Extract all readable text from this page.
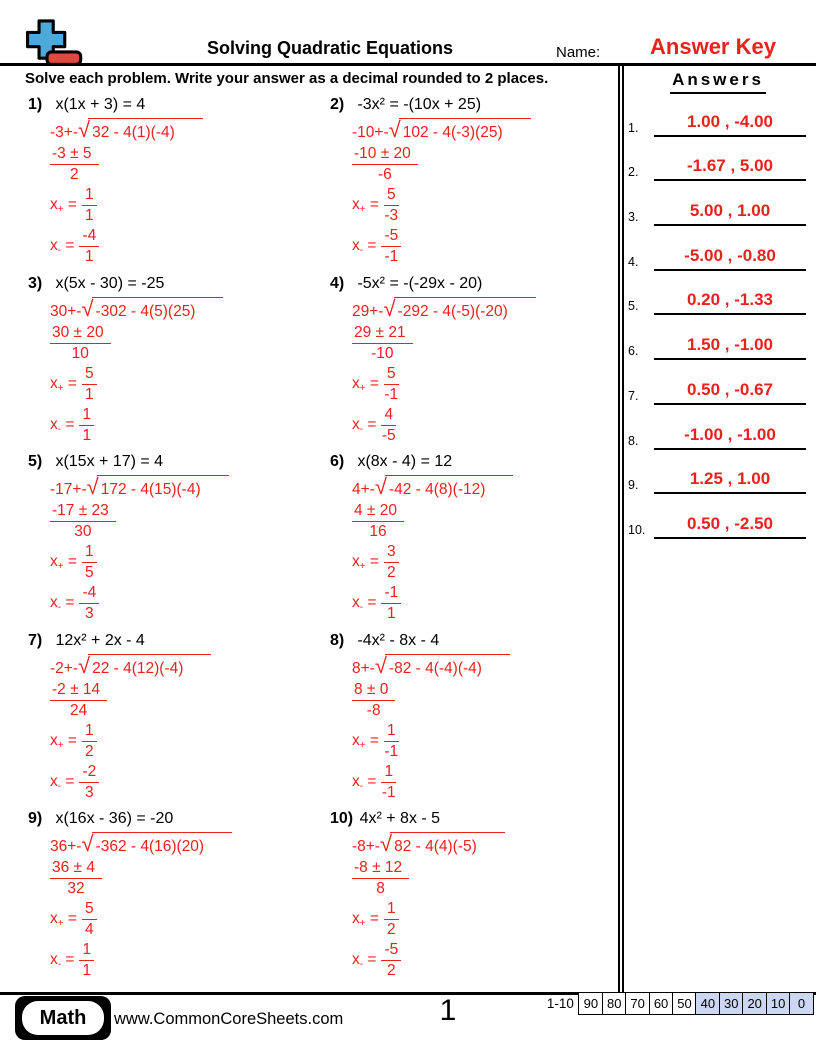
Solving Quadratic Equations	Name:	Answer Key
Solve each problem. Write your answer as a decimal rounded to 2 places.	Answers
1.	1.00 , -4.00
2.	-1.67 , 5.00
3.	5.00 , 1.00
4.	-5.00 , -0.80
5.	0.20 , -1.33
6.	1.50 , -1.00
7.	0.50 , -0.67
8.	-1.00 , -1.00
9.	1.25 , 1.00
10.	0.50 , -2.50
1) x(1x + 3) = 4
-3+- √ 32 - 4(1)(-4)
$\frac{-3 \pm 5}{2}$
$x_+ = \frac{1}{1}$
$x_- = \frac{-4}{1}$
2) -3x² = -(10x + 25)
-10+- √ 102 - 4(-3)(25)
$\frac{-10 \pm 20}{-6}$
$x_+ = \frac{5}{-3}$
$x_- = \frac{-5}{-1}$
3) x(5x - 30) = -25
30+- √ -302 - 4(5)(25)
$\frac{30 \pm 20}{10}$
$x_+ = \frac{5}{1}$
$x_- = \frac{1}{1}$
4) -5x² = -(-29x - 20)
29+- √ -292 - 4(-5)(-20)
$\frac{29 \pm 21}{-10}$
$x_+ = \frac{5}{-1}$
$x_- = \frac{4}{-5}$
5) x(15x + 17) = 4
-17+- √ 172 - 4(15)(-4)
$\frac{-17 \pm 23}{30}$
$x_+ = \frac{1}{5}$
$x_- = \frac{-4}{3}$
6) x(8x - 4) = 12
4+- √ -42 - 4(8)(-12)
$\frac{4 \pm 20}{16}$
$x_+ = \frac{3}{2}$
$x_- = \frac{-1}{1}$
7) 12x² + 2x - 4
-2+- √ 22 - 4(12)(-4)
$\frac{-2 \pm 14}{24}$
$x_+ = \frac{1}{2}$
$x_- = \frac{-2}{3}$
8) -4x² - 8x - 4
8+- √ -82 - 4(-4)(-4)
$\frac{8 \pm 0}{-8}$
$x_+ = \frac{1}{-1}$
$x_- = \frac{1}{-1}$
9) x(16x - 36) = -20
36+- √ -362 - 4(16)(20)
$\frac{36 \pm 4}{32}$
$x_+ = \frac{5}{4}$
$x_- = \frac{1}{1}$
10) 4x² + 8x - 5
-8+- √ 82 - 4(4)(-5)
$\frac{-8 \pm 12}{8}$
$x_+ = \frac{1}{2}$
$x_- = \frac{-5}{2}$
Math	www.CommonCoreSheets.com	1	1-10 90 80 70 60 50 40 30 20 10 0
